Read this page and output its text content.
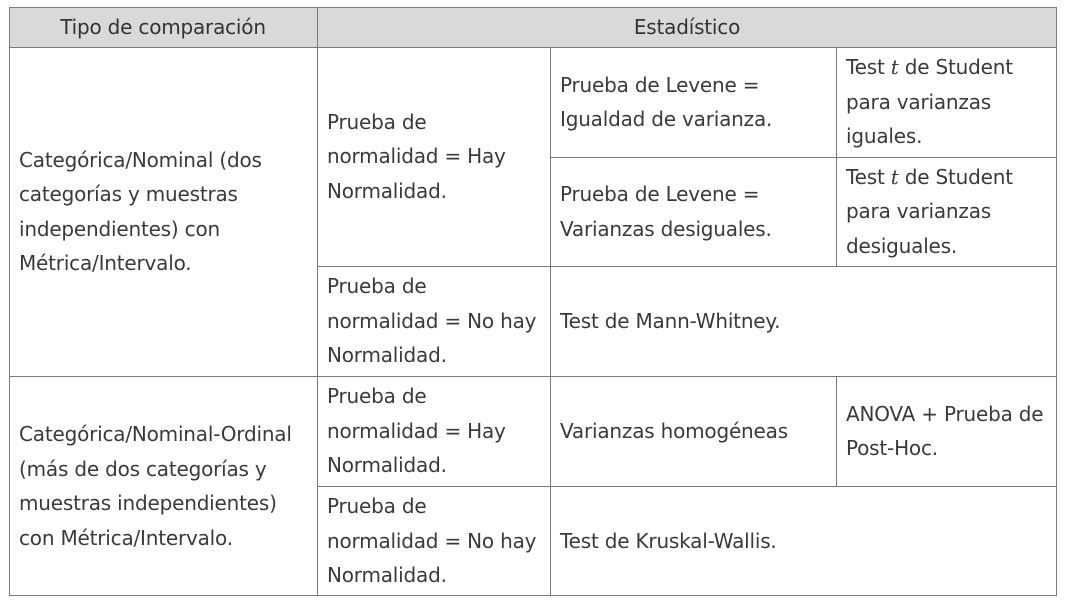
Tipo de comparación	Estadístico
Categórica/Nominal (dos categorías y muestras independientes) con Métrica/Intervalo.
Prueba de normalidad = Hay Normalidad.
Prueba de Levene = Igualdad de varianza.
Test t de Student para varianzas iguales.
Prueba de Levene = Varianzas desiguales.
Test t de Student para varianzas desiguales.
Prueba de normalidad = No hay Normalidad.
Test de Mann-Whitney.
Categórica/Nominal-Ordinal (más de dos categorías y muestras independientes) con Métrica/Intervalo.
Prueba de normalidad = Hay Normalidad.
Varianzas homogéneas
ANOVA + Prueba de Post-Hoc.
Prueba de normalidad = No hay Normalidad.
Test de Kruskal-Wallis.
